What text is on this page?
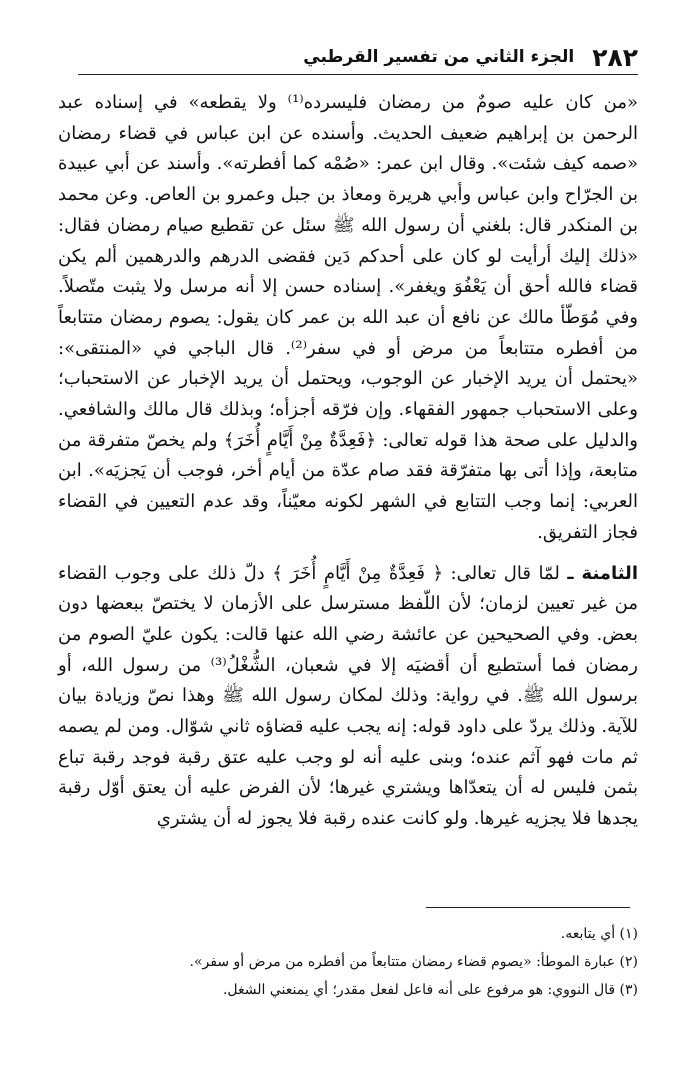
٢٨٢
الجزء الثاني من تفسير القرطبي

«من كان عليه صومٌ من رمضان فليسرده⁽¹⁾ ولا يقطعه» في إسناده عبد الرحمن بن إبراهيم ضعيف الحديث. وأسنده عن ابن عباس في قضاء رمضان «صمه كيف شئت». وقال ابن عمر: «صُمْه كما أفطرته». وأسند عن أبي عبيدة بن الجرّاح وابن عباس وأبي هريرة ومعاذ بن جبل وعمرو بن العاص. وعن محمد بن المنكدر قال: بلغني أن رسول الله ﷺ سئل عن تقطيع صيام رمضان فقال: «ذلك إليك أرأيت لو كان على أحدكم دَين فقضى الدرهم والدرهمين ألم يكن قضاء فالله أحق أن يَعْفُوَ ويغفر». إسناده حسن إلا أنه مرسل ولا يثبت متّصلاً. وفي مُوَطّأ مالك عن نافع أن عبد الله بن عمر كان يقول: يصوم رمضان متتابعاً من أفطره متتابعاً من مرض أو في سفر⁽²⁾. قال الباجي في «المنتقى»: «يحتمل أن يريد الإخبار عن الوجوب، ويحتمل أن يريد الإخبار عن الاستحباب؛ وعلى الاستحباب جمهور الفقهاء. وإن فرّقه أجزأه؛ وبذلك قال مالك والشافعي. والدليل على صحة هذا قوله تعالى: ﴿فَعِدَّةٌ مِنْ أَيَّامٍ أُخَرَ﴾ ولم يخصّ متفرقة من متابعة، وإذا أتى بها متفرّقة فقد صام عدّة من أيام أخر، فوجب أن يَجزيَه». ابن العربي: إنما وجب التتابع في الشهر لكونه معيّناً، وقد عدم التعيين في القضاء فجاز التفريق.

الثامنة ـ لمّا قال تعالى: ﴿ فَعِدَّةٌ مِنْ أَيَّامٍ أُخَرَ ﴾ دلّ ذلك على وجوب القضاء من غير تعيين لزمان؛ لأن اللّفظ مسترسل على الأزمان لا يختصّ ببعضها دون بعض. وفي الصحيحين عن عائشة رضي الله عنها قالت: يكون عليّ الصوم من رمضان فما أستطيع أن أقضيَه إلا في شعبان، الشُّغْلُ⁽³⁾ من رسول الله، أو برسول الله ﷺ. في رواية: وذلك لمكان رسول الله ﷺ وهذا نصّ وزيادة بيان للآية. وذلك يردّ على داود قوله: إنه يجب عليه قضاؤه ثاني شوّال. ومن لم يصمه ثم مات فهو آثم عنده؛ وبنى عليه أنه لو وجب عليه عتق رقبة فوجد رقبة تباع بثمن فليس له أن يتعدّاها ويشتري غيرها؛ لأن الفرض عليه أن يعتق أوّل رقبة يجدها فلا يجزيه غيرها. ولو كانت عنده رقبة فلا يجوز له أن يشتري

(١) أي يتابعه.
(٢) عبارة الموطأ: «يصوم قضاء رمضان متتابعاً من أفطره من مرض أو سفر».
(٣) قال النووي: هو مرفوع على أنه فاعل لفعل مقدر؛ أي يمنعني الشغل.
